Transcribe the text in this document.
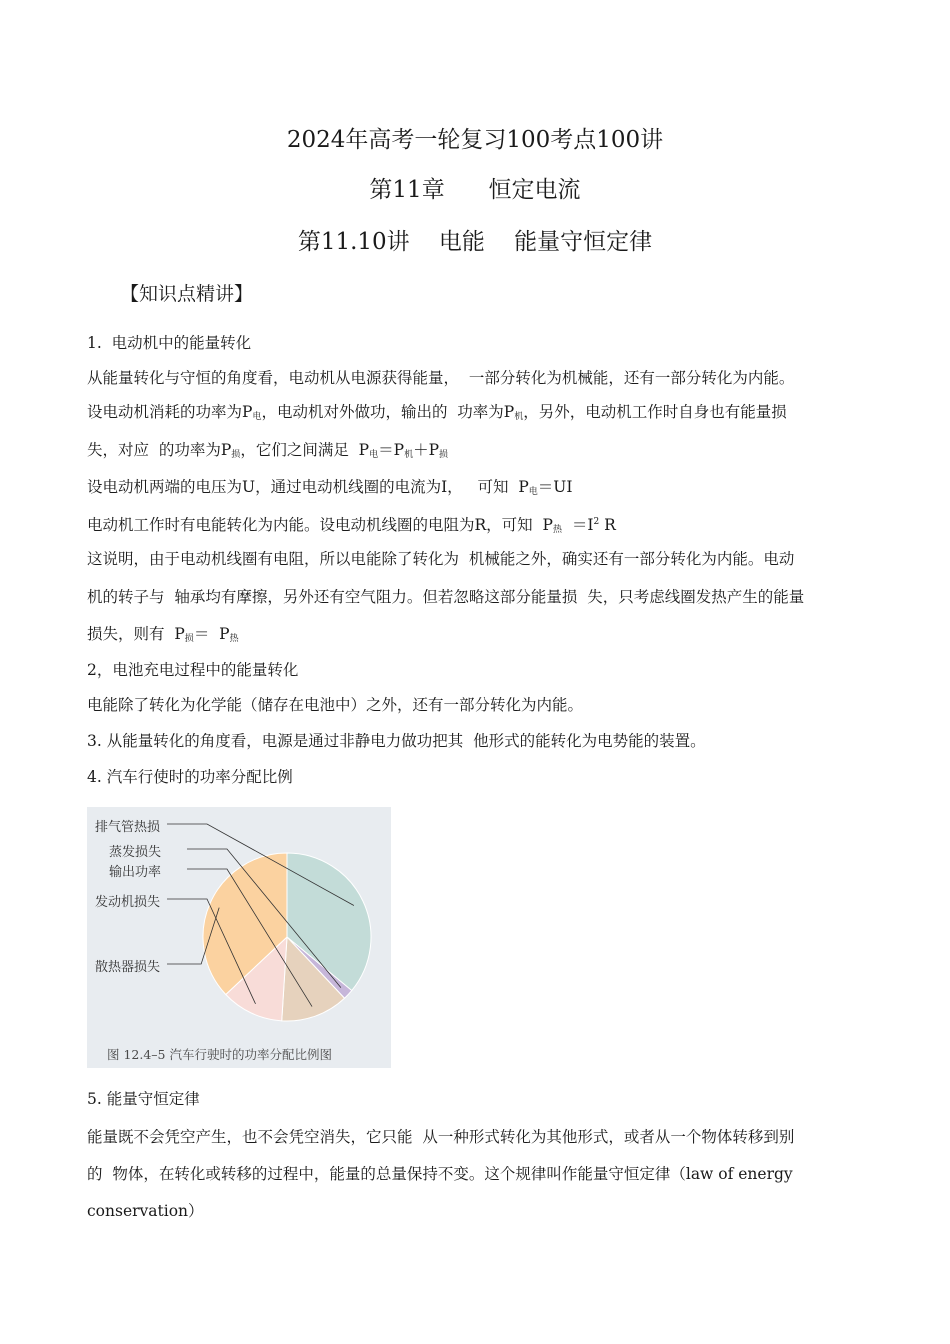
2024年高考一轮复习100考点100讲
第11章      恒定电流
第11.10讲    电能    能量守恒定律
【知识点精讲】
1.  电动机中的能量转化
从能量转化与守恒的角度看，电动机从电源获得能量，  一部分转化为机械能，还有一部分转化为内能。
设电动机消耗的功率为$P_电$，电动机对外做功，输出的  功率为$P_机$，另外，电动机工作时自身也有能量损
失，对应  的功率为$P_损$，它们之间满足  $P_电=P_机+P_损$
设电动机两端的电压为U，通过电动机线圈的电流为I，   可知  $P_电=UI$
电动机工作时有电能转化为内能。设电动机线圈的电阻为R，可知  $P_热 =I^2$ R
这说明，由于电动机线圈有电阻，所以电能除了转化为  机械能之外，确实还有一部分转化为内能。电动
机的转子与  轴承均有摩擦，另外还有空气阻力。但若忽略这部分能量损  失，只考虑线圈发热产生的能量
损失，则有  $P_损= P_热$
2，电池充电过程中的能量转化
电能除了转化为化学能（储存在电池中）之外，还有一部分转化为内能。
3. 从能量转化的角度看，电源是通过非静电力做功把其  他形式的能转化为电势能的装置。
4. 汽车行使时的功率分配比例
排气管热损
蒸发损失
输出功率
发动机损失
散热器损失
图 12.4–5 汽车行驶时的功率分配比例图
5. 能量守恒定律
能量既不会凭空产生，也不会凭空消失，它只能  从一种形式转化为其他形式，或者从一个物体转移到别
的  物体，在转化或转移的过程中，能量的总量保持不变。这个规律叫作能量守恒定律（law of energy
conservation）
